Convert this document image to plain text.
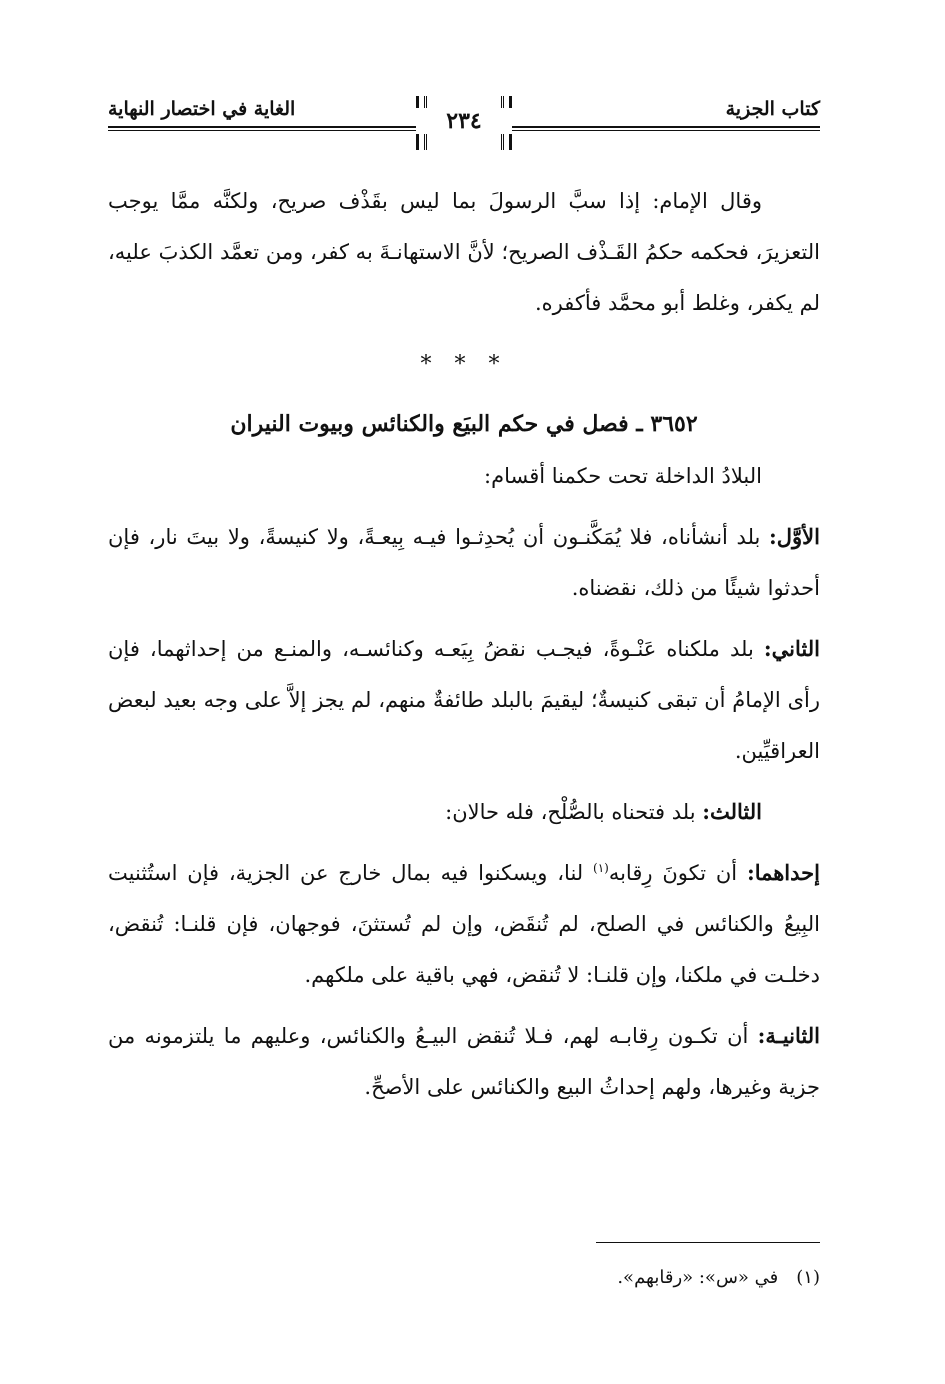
كتاب الجزية
الغاية في اختصار النهاية	٢٣٤

وقال الإمام: إذا سبَّ الرسولَ بما ليس بقَذْف صريح، ولكنَّه ممَّا يوجب التعزيرَ، فحكمه حكمُ القَـذْف الصريح؛ لأنَّ الاستهانـةَ به كفر، ومن تعمَّد الكذبَ عليه، لم يكفر، وغلط أبو محمَّد فأكفره.

* * *
٣٦٥٢ ـ فصل في حكم البيَع والكنائس وبيوت النيران

البلادُ الداخلة تحت حكمنا أقسام:

الأوَّل: بلد أنشأناه، فلا يُمَكَّنـون أن يُحدِثـوا فيـه بِيعـةً، ولا كنيسةً، ولا بيتَ نار، فإن أحدثوا شيئًا من ذلك، نقضناه.

الثاني: بلد ملكناه عَنْـوةً، فيجـب نقضُ بِيَعـه وكنائسـه، والمنـع من إحداثهما، فإن رأى الإمامُ أن تبقى كنيسةٌ؛ ليقيمَ بالبلد طائفةٌ منهم، لم يجز إلاَّ على وجه بعيد لبعض العراقيِّين.

الثالث: بلد فتحناه بالصُّلْح، فله حالان:

إحداهما: أن تكونَ رِقابه$^{(١)}$ لنا، ويسكنوا فيه بمال خارج عن الجزية، فإن استُثنيت البِيعُ والكنائس في الصلح، لم تُنقَض، وإن لم تُستثنَ، فوجهان، فإن قلنـا: تُنقض، دخلـت في ملكنا، وإن قلنـا: لا تُنقض، فهي باقية على ملكهم.

الثانيـة: أن تكـون رِقابـه لهم، فـلا تُنقض البيـعُ والكنائس، وعليهم ما يلتزمونه من جزية وغيرها، ولهم إحداثُ البيع والكنائس على الأصحِّ.

(١)في «س»: «رقابهم».
